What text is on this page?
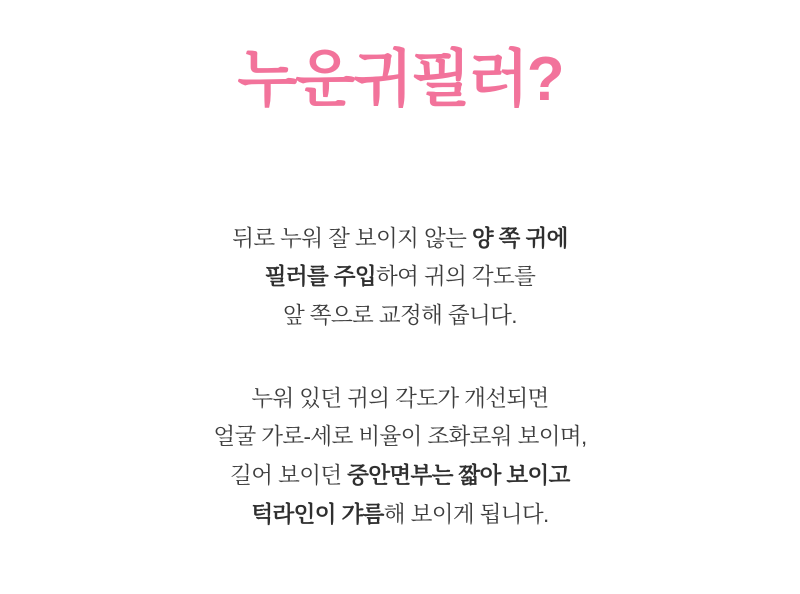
누운귀필러?

뒤로 누워 잘 보이지 않는 양 쪽 귀에

필러를 주입하여 귀의 각도를

앞 쪽으로 교정해 줍니다.

누워 있던 귀의 각도가 개선되면

얼굴 가로-세로 비율이 조화로워 보이며,

길어 보이던 중안면부는 짧아 보이고

턱라인이 갸름해 보이게 됩니다.
